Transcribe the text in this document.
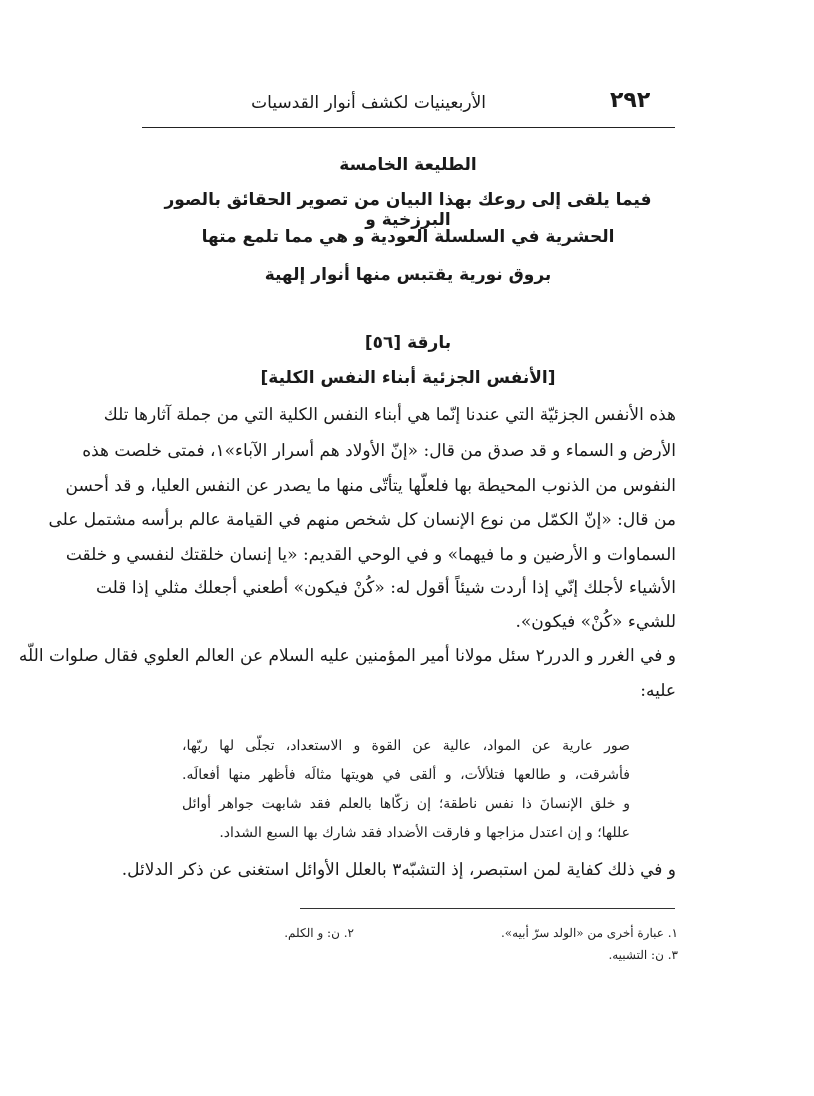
٢٩٢
الأربعينيات لكشف أنوار القدسيات
الطليعة الخامسة
فيما يلقى إلى روعك بهذا البيان من تصوير الحقائق بالصور البرزخية و
الحشرية في السلسلة العودية و هي مما تلمع متها
بروق نورية يقتبس منها أنوار إلهية
بارقة [٥٦]
[الأنفس الجزئية أبناء النفس الكلية]
هذه الأنفس الجزئيّة التي عندنا إنّما هي أبناء النفس الكلية التي من جملة آثارها تلك
الأرض و السماء و قد صدق من قال: «إنّ الأولاد هم أسرار الآباء»١، فمتى خلصت هذه
النفوس من الذنوب المحيطة بها فلعلّها يتأتّى منها ما يصدر عن النفس العليا، و قد أحسن
من قال: «إنّ الكمّل من نوع الإنسان كل شخص منهم في القيامة عالم برأسه مشتمل على
السماوات و الأرضين و ما فيهما» و في الوحي القديم: «يا إنسان خلقتك لنفسي و خلقت
الأشياء لأجلك إنّي إذا أردت شيئاً أقول له: «كُنْ فيكون» أطعني أجعلك مثلي إذا قلت
للشيء «كُنْ» فيكون».
و في الغرر و الدرر٢ سئل مولانا أمير المؤمنين عليه السلام عن العالم العلوي فقال صلوات اللّه
عليه:
صور عارية عن المواد، عالية عن القوة و الاستعداد، تجلّى لها ربّها،
فأشرقت، و طالعها فتلألأت، و ألقى في هويتها مثالَه فأظهر منها أفعالَه.
و خلق الإنسانَ ذا نفس ناطقة؛ إن زكّاها بالعلم فقد شابهت جواهر أوائل
عللها؛ و إن اعتدل مزاجها و فارقت الأضداد فقد شارك بها السبع الشداد.
و في ذلك كفاية لمن استبصر، إذ التشبّه٣ بالعلل الأوائل استغنى عن ذكر الدلائل.
١. عبارة أخرى من «الولد سرّ أبيه».
٢. ن: و الكلم.
٣. ن: التشبيه.
